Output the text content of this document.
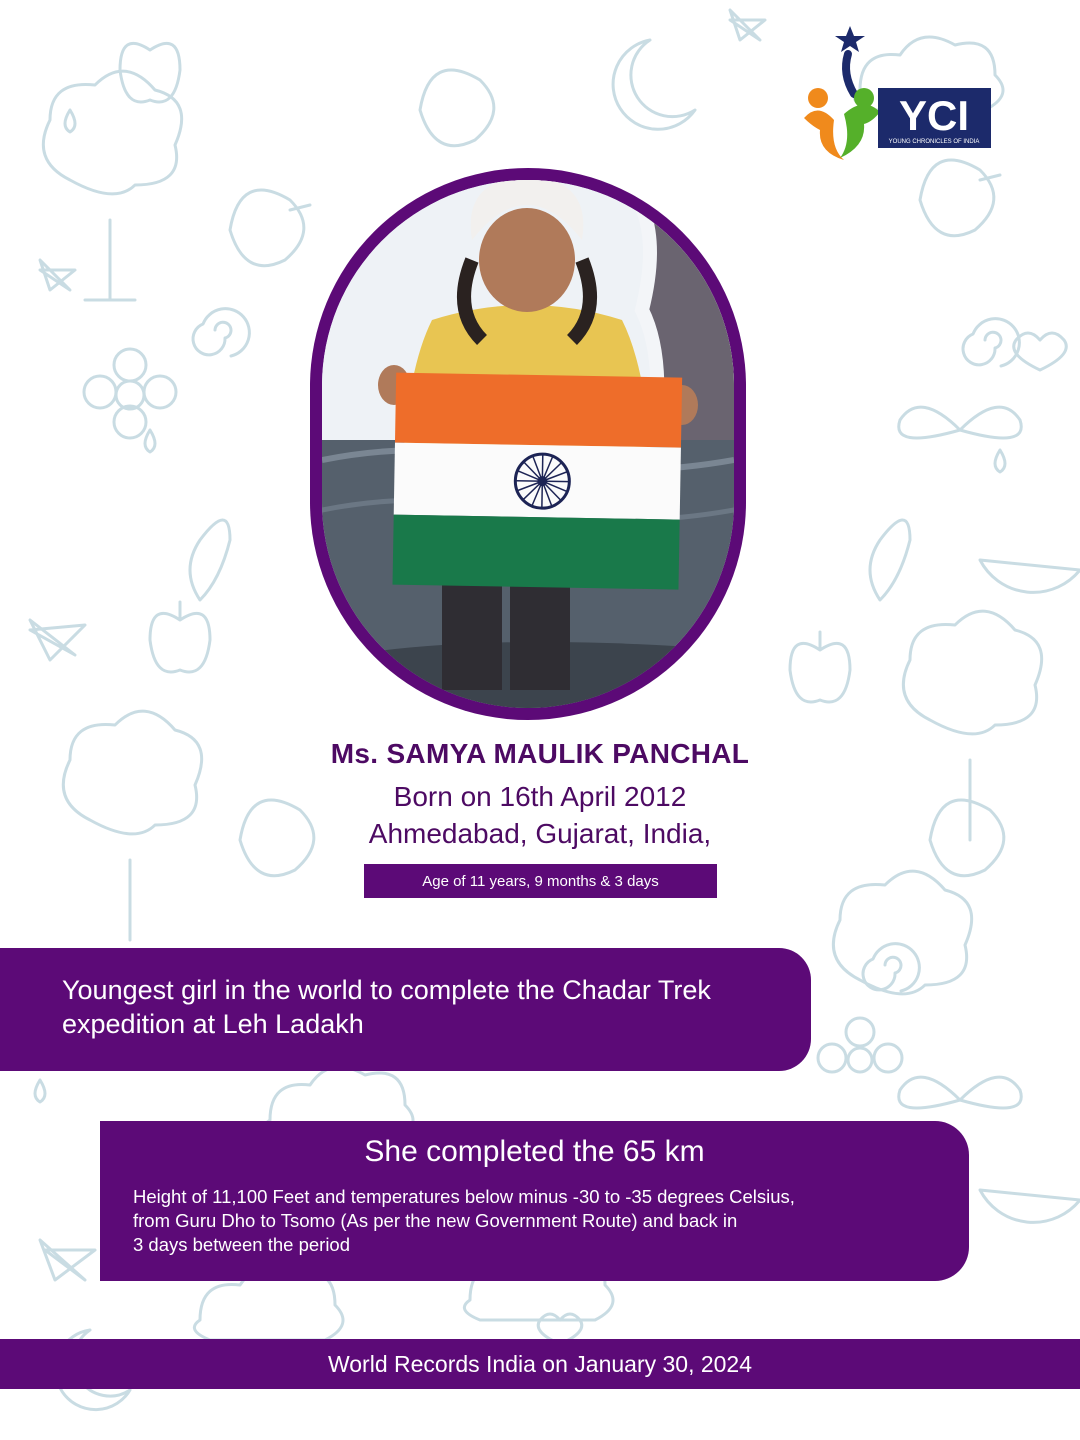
YCI
YOUNG CHRONICLES OF INDIA
Ms. SAMYA MAULIK PANCHAL
Born on 16th April 2012
Ahmedabad, Gujarat, India,
Age of 11 years, 9 months & 3 days
Youngest girl in the world to complete the Chadar Trek expedition at Leh Ladakh
She completed the 65 km
Height of 11,100 Feet and temperatures below minus -30 to -35 degrees Celsius,
from Guru Dho to Tsomo (As per the new Government Route) and back in
3 days between the period
World Records India on January 30, 2024
